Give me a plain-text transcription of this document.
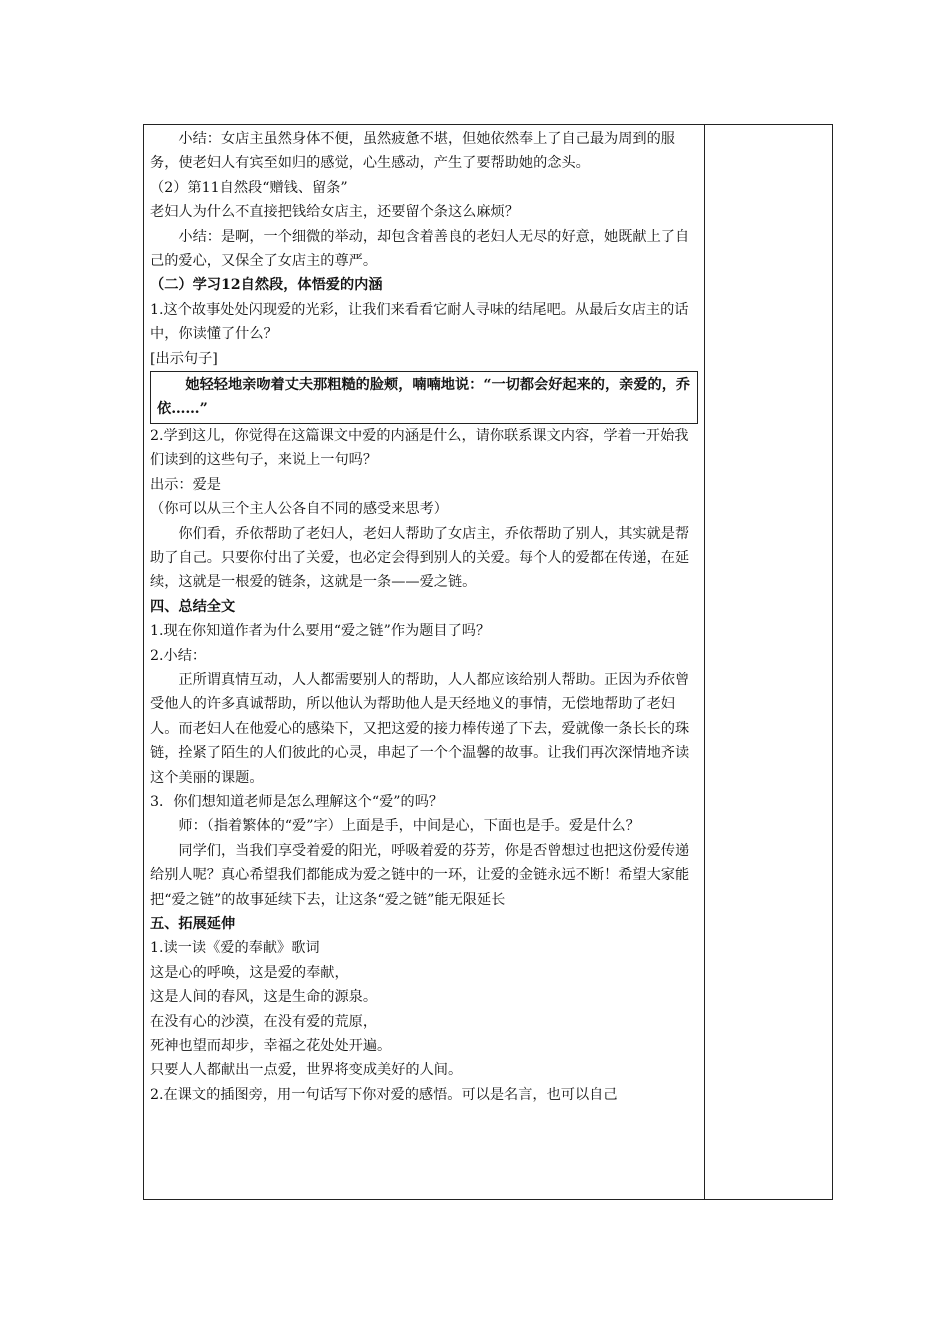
小结：女店主虽然身体不便，虽然疲惫不堪，但她依然奉上了自己最为周到的服务，使老妇人有宾至如归的感觉，心生感动，产生了要帮助她的念头。

（2）第11自然段“赠钱、留条”

老妇人为什么不直接把钱给女店主，还要留个条这么麻烦？

小结：是啊，一个细微的举动，却包含着善良的老妇人无尽的好意，她既献上了自己的爱心，又保全了女店主的尊严。

（二）学习12自然段，体悟爱的内涵

1.这个故事处处闪现爱的光彩，让我们来看看它耐人寻味的结尾吧。从最后女店主的话中，你读懂了什么？

[出示句子]

她轻轻地亲吻着丈夫那粗糙的脸颊，喃喃地说：“一切都会好起来的，亲爱的，乔依……”

2.学到这儿，你觉得在这篇课文中爱的内涵是什么，请你联系课文内容，学着一开始我们读到的这些句子，来说上一句吗？

出示：爱是

（你可以从三个主人公各自不同的感受来思考）

你们看，乔依帮助了老妇人，老妇人帮助了女店主，乔依帮助了别人，其实就是帮助了自己。只要你付出了关爱，也必定会得到别人的关爱。每个人的爱都在传递，在延续，这就是一根爱的链条，这就是一条——爱之链。

四、总结全文

1.现在你知道作者为什么要用“爱之链”作为题目了吗？

2.小结：

正所谓真情互动，人人都需要别人的帮助，人人都应该给别人帮助。正因为乔依曾受他人的许多真诚帮助，所以他认为帮助他人是天经地义的事情，无偿地帮助了老妇人。而老妇人在他爱心的感染下，又把这爱的接力棒传递了下去，爱就像一条长长的珠链，拴紧了陌生的人们彼此的心灵，串起了一个个温馨的故事。让我们再次深情地齐读这个美丽的课题。

3．你们想知道老师是怎么理解这个“爱”的吗？

师：（指着繁体的“爱”字）上面是手，中间是心，下面也是手。爱是什么？

同学们，当我们享受着爱的阳光，呼吸着爱的芬芳，你是否曾想过也把这份爱传递给别人呢？真心希望我们都能成为爱之链中的一环，让爱的金链永远不断！希望大家能把“爱之链”的故事延续下去，让这条“爱之链”能无限延长

五、拓展延伸

1.读一读《爱的奉献》歌词

这是心的呼唤，这是爱的奉献，

这是人间的春风，这是生命的源泉。

在没有心的沙漠，在没有爱的荒原，

死神也望而却步，幸福之花处处开遍。

只要人人都献出一点爱，世界将变成美好的人间。

2.在课文的插图旁，用一句话写下你对爱的感悟。可以是名言，也可以自己
